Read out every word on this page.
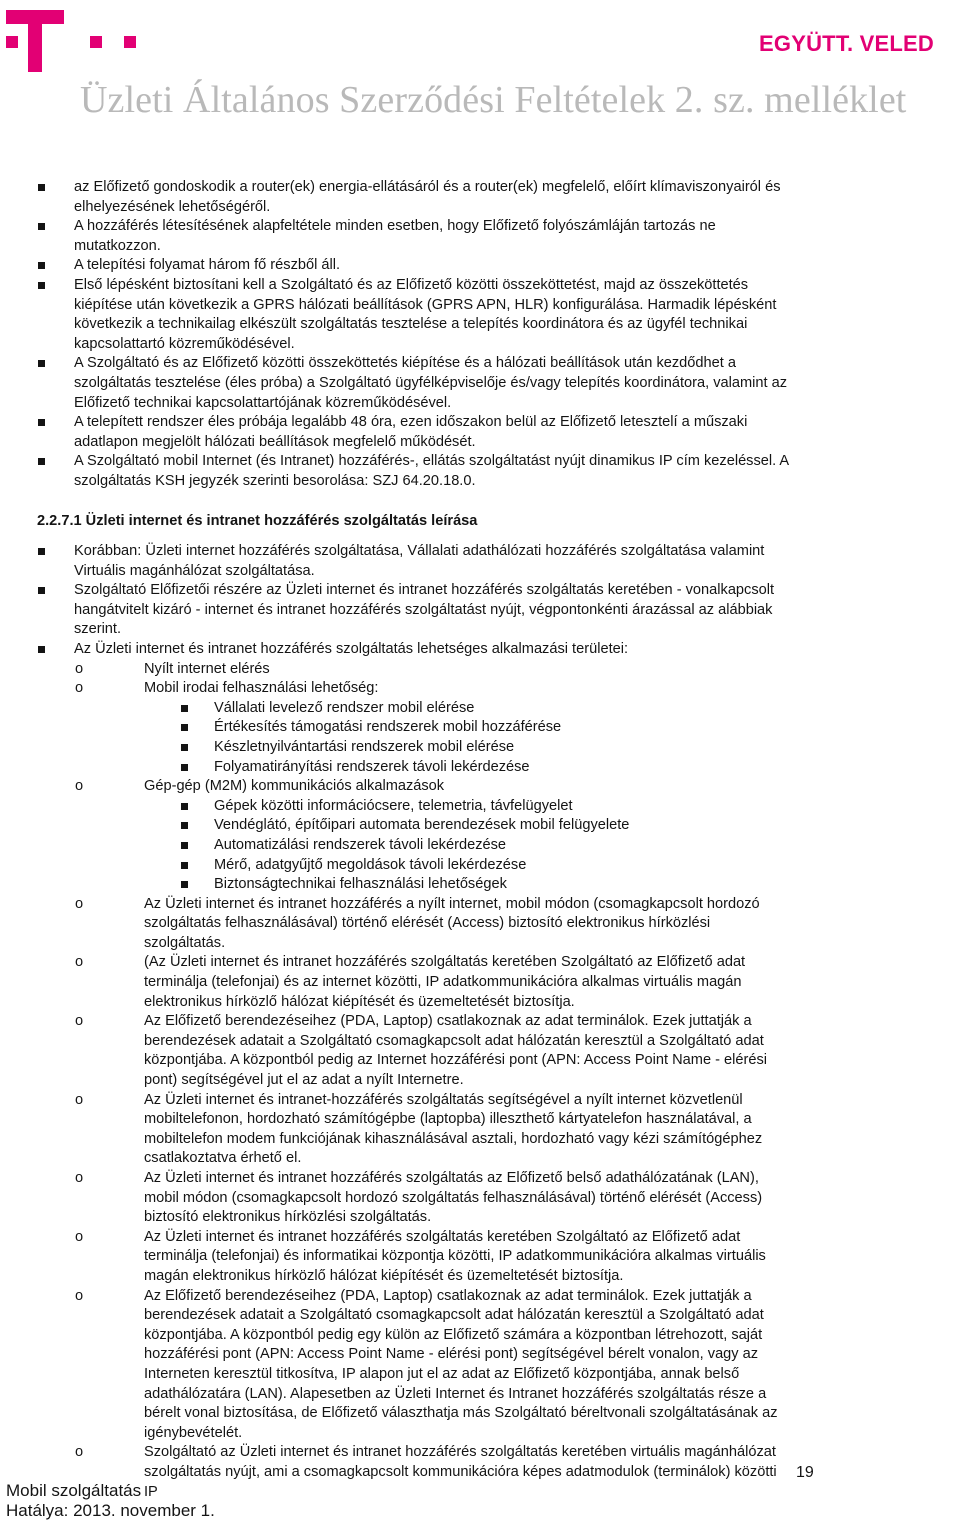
EGYÜTT. VELED
Üzleti Általános Szerződési Feltételek 2. sz. melléklet

az Előfizető gondoskodik a router(ek) energia-ellátásáról és a router(ek) megfelelő, előírt klímaviszonyairól és elhelyezésének lehetőségéről.

A hozzáférés létesítésének alapfeltétele minden esetben, hogy Előfizető folyószámláján tartozás ne mutatkozzon.

A telepítési folyamat három fő részből áll.

Első lépésként biztosítani kell a Szolgáltató és az Előfizető közötti összeköttetést, majd az összeköttetés kiépítése után következik a GPRS hálózati beállítások (GPRS APN, HLR) konfigurálása. Harmadik lépésként következik a technikailag elkészült szolgáltatás tesztelése a telepítés koordinátora és az ügyfél technikai kapcsolattartó közreműködésével.

A Szolgáltató és az Előfizető közötti összeköttetés kiépítése és a hálózati beállítások után kezdődhet a szolgáltatás tesztelése (éles próba) a Szolgáltató ügyfélképviselője és/vagy telepítés koordinátora, valamint az Előfizető technikai kapcsolattartójának közreműködésével.

A telepített rendszer éles próbája legalább 48 óra, ezen időszakon belül az Előfizető letesztelí a műszaki adatlapon megjelölt hálózati beállítások megfelelő működését.

A Szolgáltató mobil Internet (és Intranet) hozzáférés-, ellátás szolgáltatást nyújt dinamikus IP cím kezeléssel. A szolgáltatás KSH jegyzék szerinti besorolása: SZJ 64.20.18.0.

2.2.7.1 Üzleti internet és intranet hozzáférés szolgáltatás leírása

Korábban: Üzleti internet hozzáférés szolgáltatása, Vállalati adathálózati hozzáférés szolgáltatása valamint Virtuális magánhálózat szolgáltatása.

Szolgáltató Előfizetői részére az Üzleti internet és intranet hozzáférés szolgáltatás keretében - vonalkapcsolt hangátvitelt kizáró - internet és intranet hozzáférés szolgáltatást nyújt, végpontonkénti árazással az alábbiak szerint.

Az Üzleti internet és intranet hozzáférés szolgáltatás lehetséges alkalmazási területei:

o	Nyílt internet elérés

o	Mobil irodai felhasználási lehetőség:

Vállalati levelező rendszer mobil elérése

Értékesítés támogatási rendszerek mobil hozzáférése

Készletnyilvántartási rendszerek mobil elérése

Folyamatirányítási rendszerek távoli lekérdezése

o	Gép-gép (M2M) kommunikációs alkalmazások

Gépek közötti információcsere, telemetria, távfelügyelet

Vendéglátó, építőipari automata berendezések mobil felügyelete

Automatizálási rendszerek távoli lekérdezése

Mérő, adatgyűjtő megoldások távoli lekérdezése

Biztonságtechnikai felhasználási lehetőségek

o	Az Üzleti internet és intranet hozzáférés a nyílt internet, mobil módon (csomagkapcsolt hordozó szolgáltatás felhasználásával) történő elérését (Access) biztosító elektronikus hírközlési szolgáltatás.

o	(Az Üzleti internet és intranet hozzáférés szolgáltatás keretében Szolgáltató az Előfizető adat terminálja (telefonjai) és az internet közötti, IP adatkommunikációra alkalmas virtuális magán elektronikus hírközlő hálózat kiépítését és üzemeltetését biztosítja.

o	Az Előfizető berendezéseihez (PDA, Laptop) csatlakoznak az adat terminálok. Ezek juttatják a berendezések adatait a Szolgáltató csomagkapcsolt adat hálózatán keresztül a Szolgáltató adat központjába. A központból pedig az Internet hozzáférési pont (APN: Access Point Name - elérési pont) segítségével jut el az adat a nyílt Internetre.

o	Az Üzleti internet és intranet-hozzáférés szolgáltatás segítségével a nyílt internet közvetlenül mobiltelefonon, hordozható számítógépbe (laptopba) illeszthető kártyatelefon használatával, a mobiltelefon modem funkciójának kihasználásával asztali, hordozható vagy kézi számítógéphez csatlakoztatva érhető el.

o	Az Üzleti internet és intranet hozzáférés szolgáltatás az Előfizető belső adathálózatának (LAN), mobil módon (csomagkapcsolt hordozó szolgáltatás felhasználásával) történő elérését (Access) biztosító elektronikus hírközlési szolgáltatás.

o	Az Üzleti internet és intranet hozzáférés szolgáltatás keretében Szolgáltató az Előfizető adat terminálja (telefonjai) és informatikai központja közötti, IP adatkommunikációra alkalmas virtuális magán elektronikus hírközlő hálózat kiépítését és üzemeltetését biztosítja.

o	Az Előfizető berendezéseihez (PDA, Laptop) csatlakoznak az adat terminálok. Ezek juttatják a berendezések adatait a Szolgáltató csomagkapcsolt adat hálózatán keresztül a Szolgáltató adat központjába. A központból pedig egy külön az Előfizető számára a központban létrehozott, saját hozzáférési pont (APN: Access Point Name - elérési pont) segítségével bérelt vonalon, vagy az Interneten keresztül titkosítva, IP alapon jut el az adat az Előfizető központjába, annak belső adathálózatára (LAN). Alapesetben az Üzleti Internet és Intranet hozzáférés szolgáltatás része a bérelt vonal biztosítása, de Előfizető választhatja más Szolgáltató béreltvonali szolgáltatásának az igénybevételét.

o	Szolgáltató az Üzleti internet és intranet hozzáférés szolgáltatás keretében virtuális magánhálózat szolgáltatás nyújt, ami a csomagkapcsolt kommunikációra képes adatmodulok (terminálok) közötti IP

Mobil szolgáltatás
Hatálya: 2013. november 1.
19
